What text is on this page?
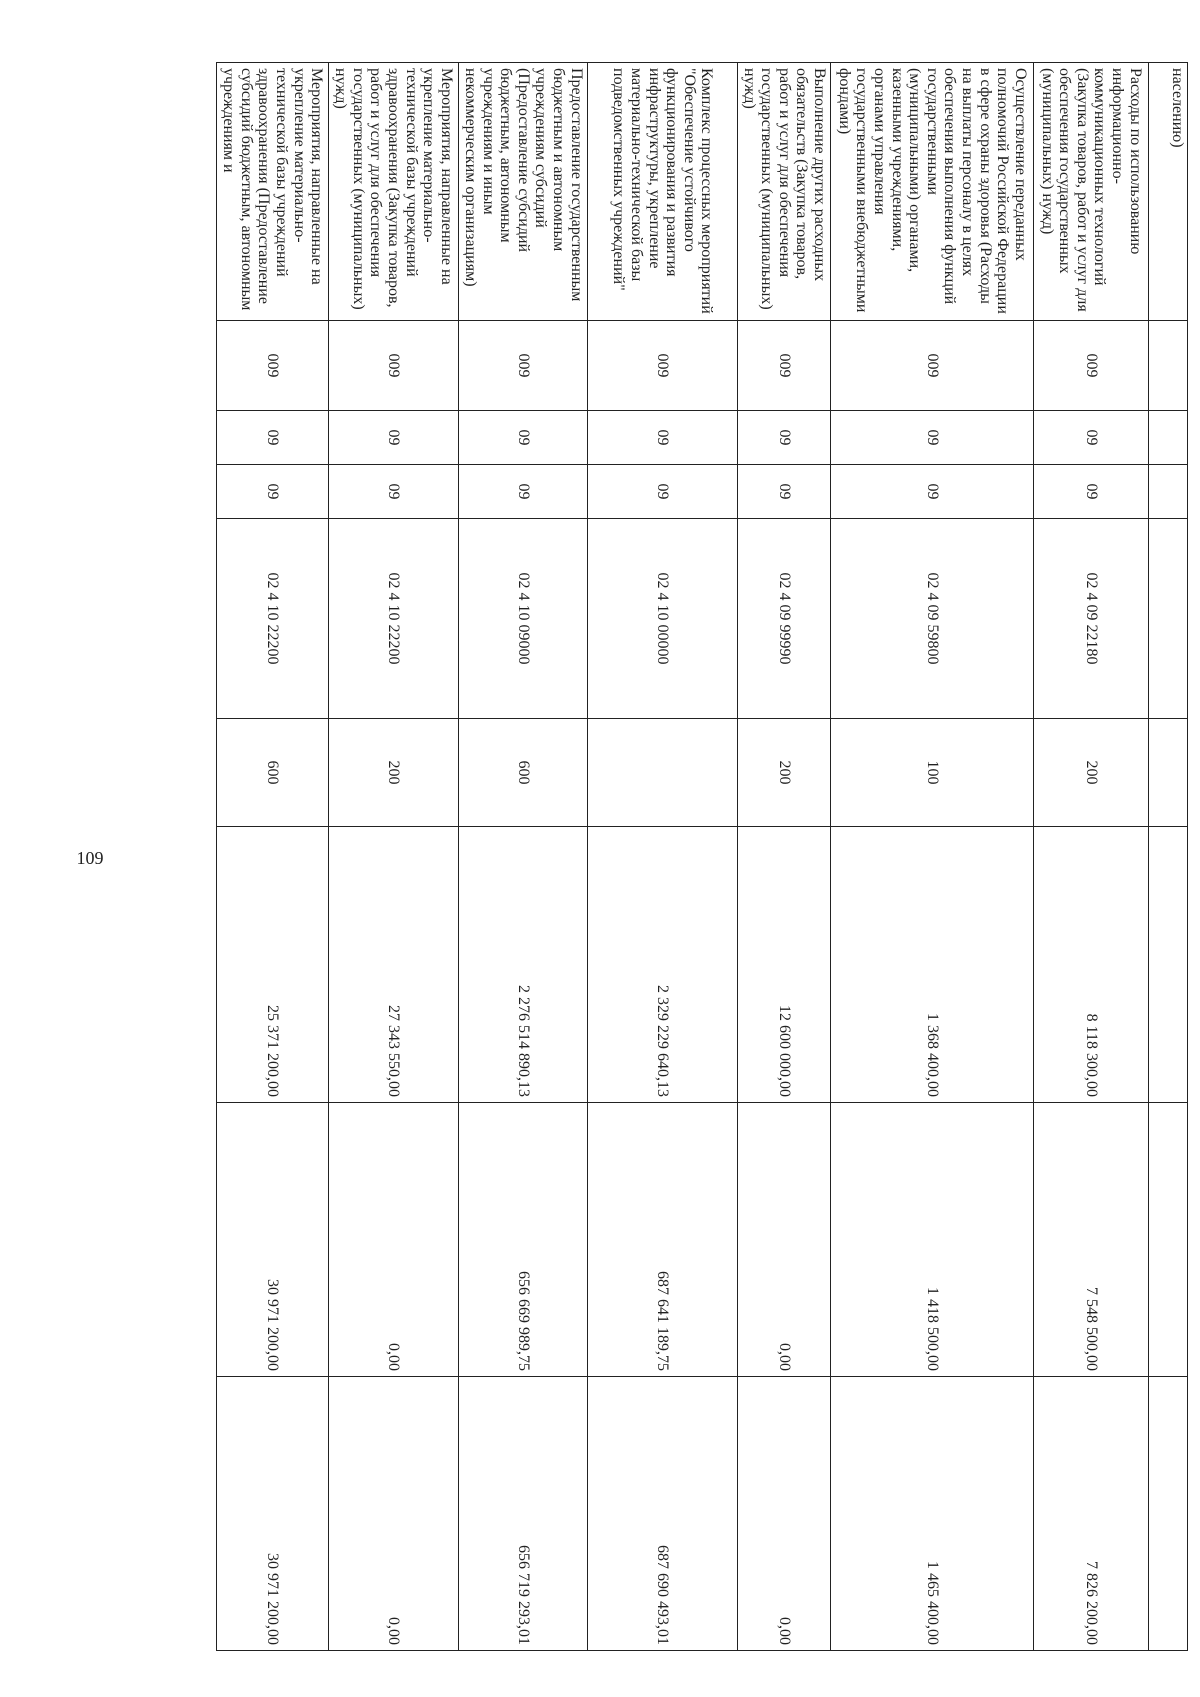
109
населению)								
Расходы по использованию информационно-коммуникационных технологий (Закупка товаров, работ и услуг для обеспечения государственных (муниципальных) нужд)	009	09	09	02 4 09 22180	200	8 118 300,00	7 548 500,00	7 826 200,00
Осуществление переданных полномочий Российской Федерации в сфере охраны здоровья (Расходы на выплаты персоналу в целях обеспечения выполнения функций государственными (муниципальными) органами, казенными учреждениями, органами управления государственными внебюджетными фондами)	009	09	09	02 4 09 59800	100	1 368 400,00	1 418 500,00	1 465 400,00
Выполнение других расходных обязательств (Закупка товаров, работ и услуг для обеспечения государственных (муниципальных) нужд)	009	09	09	02 4 09 99990	200	12 600 000,00	0,00	0,00
Комплекс процессных мероприятий "Обеспечение устойчивого функционирования и развития инфраструктуры, укрепление материально-технической базы подведомственных учреждений"	009	09	09	02 4 10 00000		2 329 229 640,13	687 641 189,75	687 690 493,01
Предоставление государственным бюджетным и автономным учреждениям субсидий (Предоставление субсидий бюджетным, автономным учреждениям и иным некоммерческим организациям)	009	09	09	02 4 10 09000	600	2 276 514 890,13	656 669 989,75	656 719 293,01
Мероприятия, направленные на укрепление материально-технической базы учреждений здравоохранения (Закупка товаров, работ и услуг для обеспечения государственных (муниципальных) нужд)	009	09	09	02 4 10 22200	200	27 343 550,00	0,00	0,00
Мероприятия, направленные на укрепление материально-технической базы учреждений здравоохранения (Предоставление субсидий бюджетным, автономным учреждениям и	009	09	09	02 4 10 22200	600	25 371 200,00	30 971 200,00	30 971 200,00
